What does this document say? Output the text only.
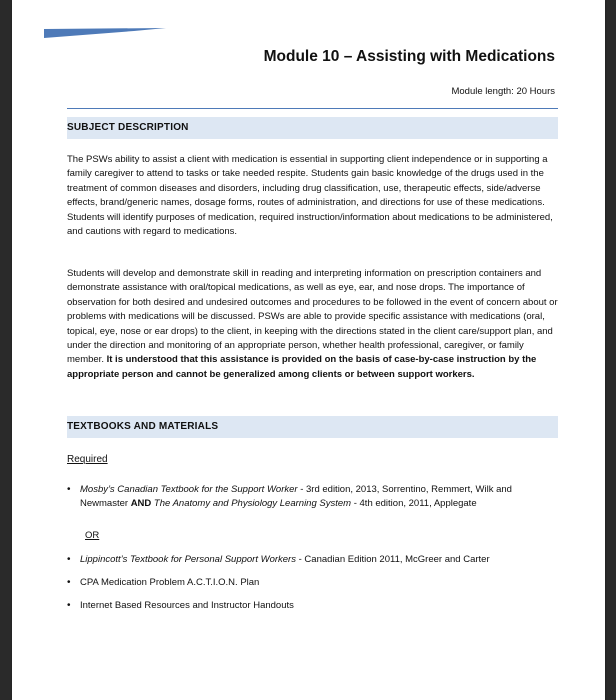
Module 10 – Assisting with Medications
Module length: 20 Hours
SUBJECT DESCRIPTION

The PSWs ability to assist a client with medication is essential in supporting client independence or in supporting a family caregiver to attend to tasks or take needed respite. Students gain basic knowledge of the drugs used in the treatment of common diseases and disorders, including drug classification, use, therapeutic effects, side/adverse effects, brand/generic names, dosage forms, routes of administration, and directions for use of these medications. Students will identify purposes of medication, required instruction/information about medications to be administered, and cautions with regard to medications.

Students will develop and demonstrate skill in reading and interpreting information on prescription containers and demonstrate assistance with oral/topical medications, as well as eye, ear, and nose drops. The importance of observation for both desired and undesired outcomes and procedures to be followed in the event of concern about or problems with medications will be discussed. PSWs are able to provide specific assistance with medications (oral, topical, eye, nose or ear drops) to the client, in keeping with the directions stated in the client care/support plan, and under the direction and monitoring of an appropriate person, whether health professional, caregiver, or family member. It is understood that this assistance is provided on the basis of case-by-case instruction by the appropriate person and cannot be generalized among clients or between support workers.

TEXTBOOKS AND MATERIALS
Required
• Mosby’s Canadian Textbook for the Support Worker - 3rd edition, 2013, Sorrentino, Remmert, Wilk and Newmaster AND The Anatomy and Physiology Learning System - 4th edition, 2011, Applegate
OR
• Lippincott’s Textbook for Personal Support Workers - Canadian Edition 2011, McGreer and Carter
• CPA Medication Problem A.C.T.I.O.N. Plan
• Internet Based Resources and Instructor Handouts
